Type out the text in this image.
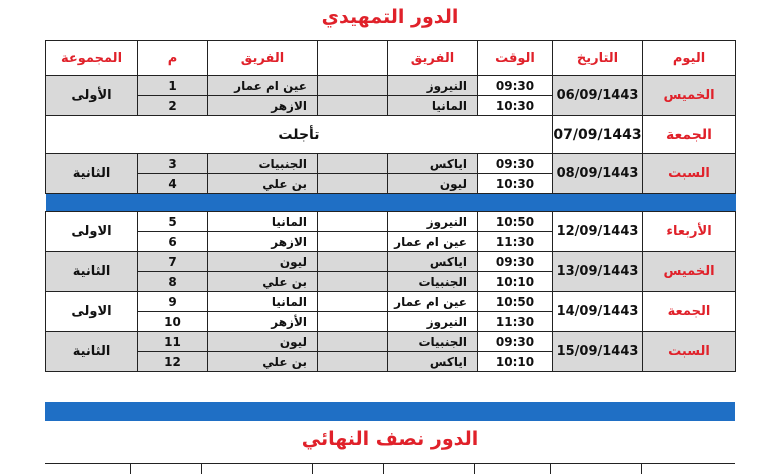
الدور التمهيدي
اليوم	التاريخ	الوقت	الفريق		الفريق	م	المجموعة
الخميس	06/09/1443	09:30	النيروز		عين ام عمار	1	الأولى
		10:30	المانيا		الازهر	2	
الجمعة	07/09/1443	تأجلت					
السبت	08/09/1443	09:30	اياكس		الجنبيات	3	الثانية
		10:30	ليون		بن علي	4	

الأربعاء	12/09/1443	10:50	النيروز		المانيا	5	الاولى
		11:30	عين ام عمار		الازهر	6	
الخميس	13/09/1443	09:30	اياكس		ليون	7	الثانية
		10:10	الجنبيات		بن علي	8	
الجمعة	14/09/1443	10:50	عين ام عمار		المانيا	9	الاولى
		11:30	النيروز		الأزهر	10	
السبت	15/09/1443	09:30	الجنبيات		ليون	11	الثانية
		10:10	اياكس		بن علي	12	
الدور نصف النهائي
